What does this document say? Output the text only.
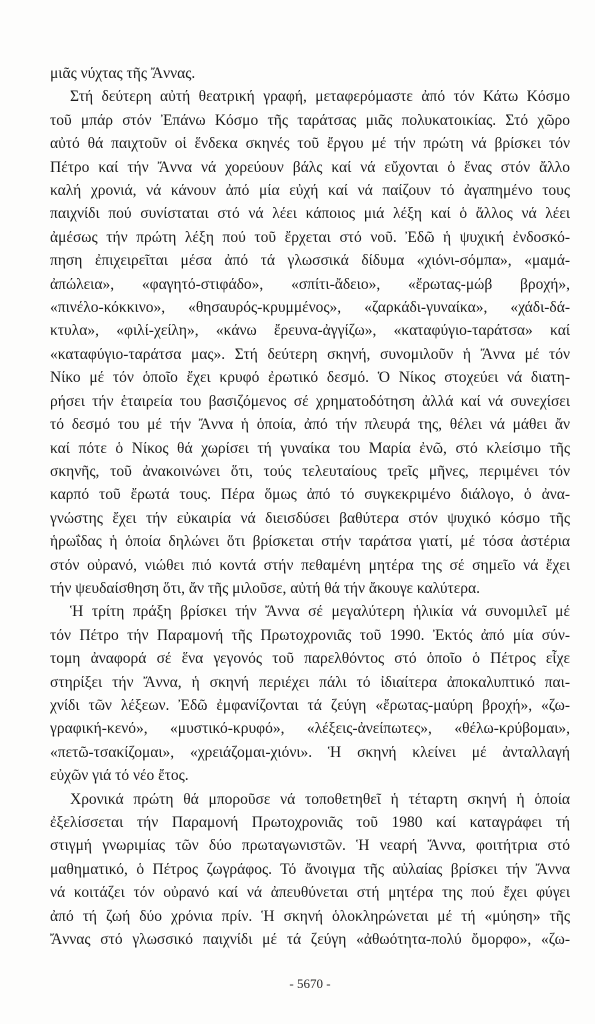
μιᾶς νύχτας τῆς Ἄννας.
Στή δεύτερη αὐτή θεατρική γραφή, μεταφερόμαστε ἀπό τόν Κάτω Κόσμο
τοῦ μπάρ στόν Ἐπάνω Κόσμο τῆς ταράτσας μιᾶς πολυκατοικίας. Στό χῶρο
αὐτό θά παιχτοῦν οἱ ἕνδεκα σκηνές τοῦ ἔργου μέ τήν πρώτη νά βρίσκει τόν
Πέτρο καί τήν Ἄννα νά χορεύουν βάλς καί νά εὔχονται ὁ ἕνας στόν ἄλλο
καλή χρονιά, νά κάνουν ἀπό μία εὐχή καί νά παίζουν τό ἀγαπημένο τους
παιχνίδι πού συνίσταται στό νά λέει κάποιος μιά λέξη καί ὁ ἄλλος νά λέει
ἀμέσως τήν πρώτη λέξη πού τοῦ ἔρχεται στό νοῦ. Ἐδῶ ἡ ψυχική ἐνδοσκό-
πηση ἐπιχειρεῖται μέσα ἀπό τά γλωσσικά δίδυμα «χιόνι-σόμπα», «μαμά-
ἀπώλεια», «φαγητό-στιφάδο», «σπίτι-ἄδειο», «ἔρωτας-μώβ βροχή»,
«πινέλο-κόκκινο», «θησαυρός-κρυμμένος», «ζαρκάδι-γυναίκα», «χάδι-δά-
κτυλα», «φιλί-χείλη», «κάνω ἔρευνα-ἀγγίζω», «καταφύγιο-ταράτσα» καί
«καταφύγιο-ταράτσα μας». Στή δεύτερη σκηνή, συνομιλοῦν ἡ Ἄννα μέ τόν
Νίκο μέ τόν ὁποῖο ἔχει κρυφό ἐρωτικό δεσμό. Ὁ Νίκος στοχεύει νά διατη-
ρήσει τήν ἑταιρεία του βασιζόμενος σέ χρηματοδότηση ἀλλά καί νά συνεχίσει
τό δεσμό του μέ τήν Ἄννα ἡ ὁποία, ἀπό τήν πλευρά της, θέλει νά μάθει ἄν
καί πότε ὁ Νίκος θά χωρίσει τή γυναίκα του Μαρία ἐνῶ, στό κλείσιμο τῆς
σκηνῆς, τοῦ ἀνακοινώνει ὅτι, τούς τελευταίους τρεῖς μῆνες, περιμένει τόν
καρπό τοῦ ἔρωτά τους. Πέρα ὅμως ἀπό τό συγκεκριμένο διάλογο, ὁ ἀνα-
γνώστης ἔχει τήν εὐκαιρία νά διεισδύσει βαθύτερα στόν ψυχικό κόσμο τῆς
ἡρωΐδας ἡ ὁποία δηλώνει ὅτι βρίσκεται στήν ταράτσα γιατί, μέ τόσα ἀστέρια
στόν οὐρανό, νιώθει πιό κοντά στήν πεθαμένη μητέρα της σέ σημεῖο νά ἔχει
τήν ψευδαίσθηση ὅτι, ἄν τῆς μιλοῦσε, αὐτή θά τήν ἄκουγε καλύτερα.
Ἡ τρίτη πράξη βρίσκει τήν Ἄννα σέ μεγαλύτερη ἡλικία νά συνομιλεῖ μέ
τόν Πέτρο τήν Παραμονή τῆς Πρωτοχρονιᾶς τοῦ 1990. Ἐκτός ἀπό μία σύν-
τομη ἀναφορά σέ ἕνα γεγονός τοῦ παρελθόντος στό ὁποῖο ὁ Πέτρος εἶχε
στηρίξει τήν Ἄννα, ἡ σκηνή περιέχει πάλι τό ἰδιαίτερα ἀποκαλυπτικό παι-
χνίδι τῶν λέξεων. Ἐδῶ ἐμφανίζονται τά ζεύγη «ἔρωτας-μαύρη βροχή», «ζω-
γραφική-κενό», «μυστικό-κρυφό», «λέξεις-ἀνείπωτες», «θέλω-κρύβομαι»,
«πετῶ-τσακίζομαι», «χρειάζομαι-χιόνι». Ἡ σκηνή κλείνει μέ ἀνταλλαγή
εὐχῶν γιά τό νέο ἔτος.
Χρονικά πρώτη θά μποροῦσε νά τοποθετηθεῖ ἡ τέταρτη σκηνή ἡ ὁποία
ἐξελίσσεται τήν Παραμονή Πρωτοχρονιᾶς τοῦ 1980 καί καταγράφει τή
στιγμή γνωριμίας τῶν δύο πρωταγωνιστῶν. Ἡ νεαρή Ἄννα, φοιτήτρια στό
μαθηματικό, ὁ Πέτρος ζωγράφος. Τό ἄνοιγμα τῆς αὐλαίας βρίσκει τήν Ἄννα
νά κοιτάζει τόν οὐρανό καί νά ἀπευθύνεται στή μητέρα της πού ἔχει φύγει
ἀπό τή ζωή δύο χρόνια πρίν. Ἡ σκηνή ὁλοκληρώνεται μέ τή «μύηση» τῆς
Ἄννας στό γλωσσικό παιχνίδι μέ τά ζεύγη «ἀθωότητα-πολύ ὄμορφο», «ζω-
- 5670 -
